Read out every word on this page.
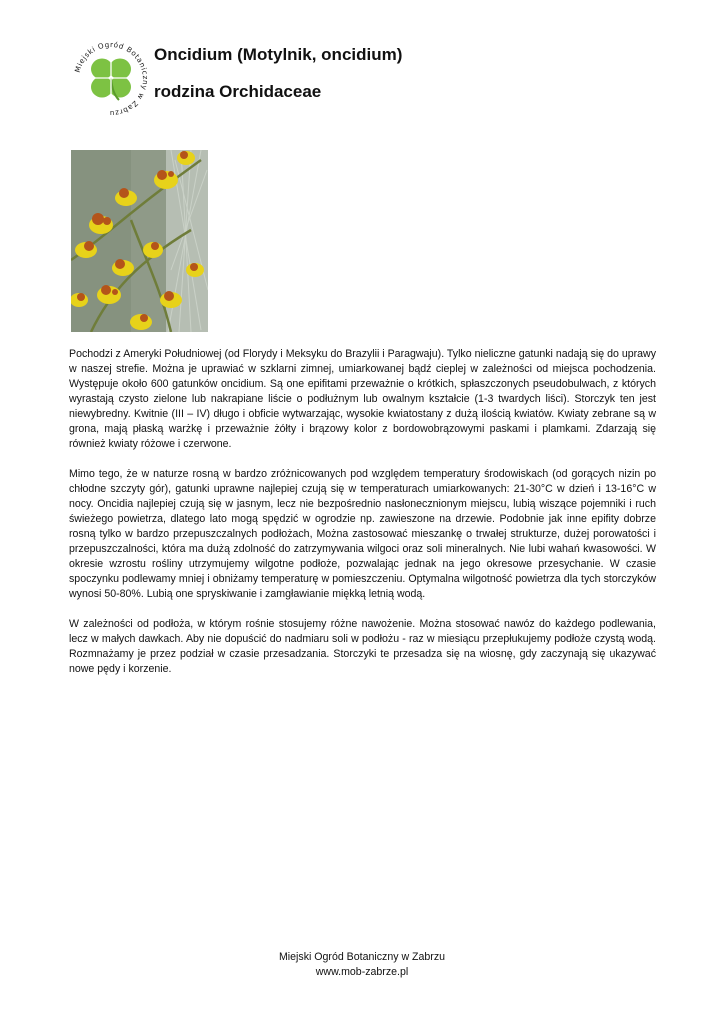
Miejski Ogród Botaniczny w Zabrzu
Oncidium (Motylnik, oncidium)
rodzina Orchidaceae

Pochodzi z Ameryki Południowej (od Florydy i Meksyku do Brazylii i Paragwaju). Tylko nieliczne gatunki nadają się do uprawy w naszej strefie. Można je uprawiać w szklarni zimnej, umiarkowanej bądź cieplej w zależności od miejsca pochodzenia. Występuje około 600 gatunków oncidium. Są one epifitami przeważnie o krótkich, spłaszczonych pseudobulwach, z których wyrastają czysto zielone lub nakrapiane liście o podłużnym lub owalnym kształcie (1-3 twardych liści). Storczyk ten jest niewybredny. Kwitnie (III – IV) długo i obficie wytwarzając, wysokie kwiatostany z dużą ilością kwiatów. Kwiaty zebrane są w grona, mają płaską warżkę i przeważnie żółty i brązowy kolor z bordowobrązowymi paskami i plamkami. Zdarzają się również kwiaty różowe i czerwone.

Mimo tego, że w naturze rosną w bardzo zróżnicowanych pod względem temperatury środowiskach (od gorących nizin po chłodne szczyty gór), gatunki uprawne najlepiej czują się w temperaturach umiarkowanych: 21-30°C w dzień i 13-16°C w nocy. Oncidia najlepiej czują się w jasnym, lecz nie bezpośrednio nasłonecznionym miejscu, lubią wiszące pojemniki i ruch świeżego powietrza, dlatego lato mogą spędzić w ogrodzie np. zawieszone na drzewie. Podobnie jak inne epifity dobrze rosną tylko w bardzo przepuszczalnych podłożach, Można zastosować mieszankę o trwałej strukturze, dużej porowatości i przepuszczalności, która ma dużą zdolność do zatrzymywania wilgoci oraz soli mineralnych. Nie lubi wahań kwasowości. W okresie wzrostu rośliny utrzymujemy wilgotne podłoże, pozwalając jednak na jego okresowe przesychanie. W czasie spoczynku podlewamy mniej i obniżamy temperaturę w pomieszczeniu. Optymalna wilgotność powietrza dla tych storczyków wynosi 50-80%. Lubią one spryskiwanie i zamgławianie miękką letnią wodą.

W zależności od podłoża, w którym rośnie stosujemy różne nawożenie. Można stosować nawóz do każdego podlewania, lecz w małych dawkach. Aby nie dopuścić do nadmiaru soli w podłożu - raz w miesiącu przepłukujemy podłoże czystą wodą. Rozmnażamy je przez podział w czasie przesadzania. Storczyki te przesadza się na wiosnę, gdy zaczynają się ukazywać nowe pędy i korzenie.

Miejski Ogród Botaniczny w Zabrzu
www.mob-zabrze.pl
